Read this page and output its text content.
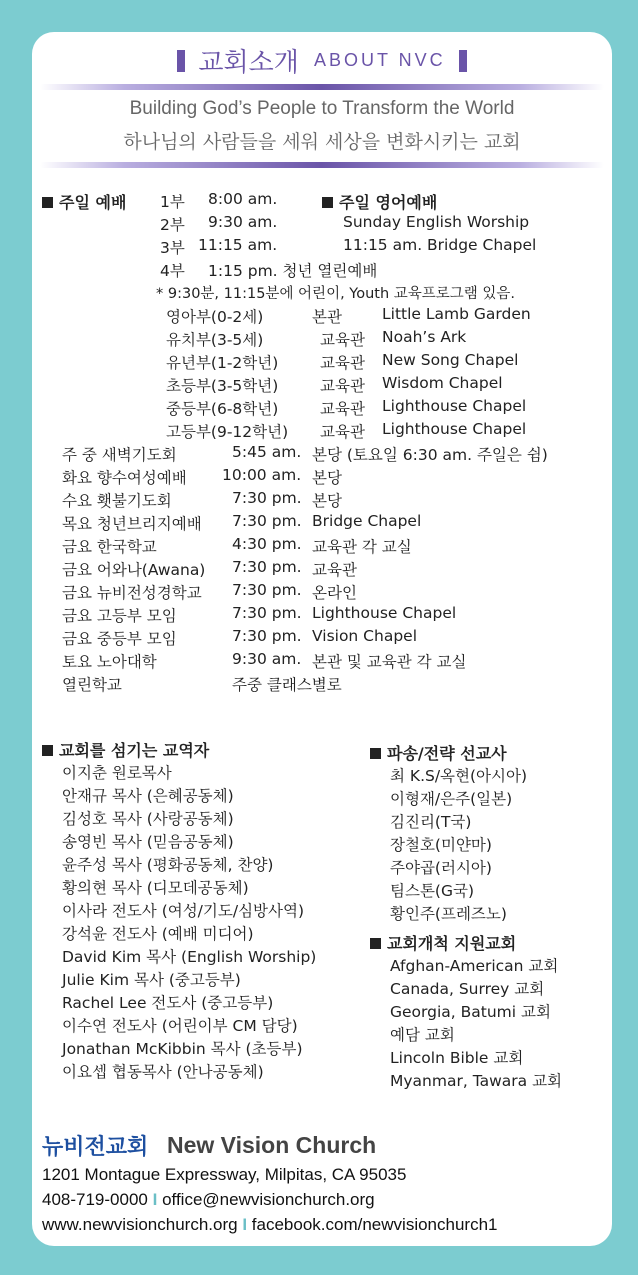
교회소개 ABOUT NVC
Building God’s People to Transform the World
하나님의 사람들을 세워 세상을 변화시키는 교회
주일 예배 1부 8:00 am.
2부 9:30 am.
3부 11:15 am.
4부 1:15 pm. 청년 열린예배
주일 영어예배
Sunday English Worship
11:15 am. Bridge Chapel
* 9:30분, 11:15분에 어린이, Youth 교육프로그램 있음.
영아부(0-2세)	본관	Little Lamb Garden
유치부(3-5세)	교육관 Noah’s Ark
유년부(1-2학년)	교육관 New Song Chapel
초등부(3-5학년)	교육관 Wisdom Chapel
중등부(6-8학년)	교육관 Lighthouse Chapel
고등부(9-12학년) 교육관 Lighthouse Chapel
주 중 새벽기도회	5:45 am. 본당 (토요일 6:30 am. 주일은 쉼)
화요 향수여성예배 10:00 am. 본당
수요 횃불기도회	7:30 pm. 본당
목요 청년브리지예배 7:30 pm. Bridge Chapel
금요 한국학교	4:30 pm. 교육관 각 교실
금요 어와나(Awana) 7:30 pm. 교육관
금요 뉴비전성경학교 7:30 pm. 온라인
금요 고등부 모임	7:30 pm. Lighthouse Chapel
금요 중등부 모임	7:30 pm. Vision Chapel
토요 노아대학	9:30 am. 본관 및 교육관 각 교실
열린학교	주중 클래스별로
교회를 섬기는 교역자
이지춘 원로목사
안재규 목사 (은혜공동체)
김성호 목사 (사랑공동체)
송영빈 목사 (믿음공동체)
윤주성 목사 (평화공동체, 찬양)
황의현 목사 (디모데공동체)
이사라 전도사 (여성/기도/심방사역)
강석윤 전도사 (예배 미디어)
David Kim 목사 (English Worship)
Julie Kim 목사 (중고등부)
Rachel Lee 전도사 (중고등부)
이수연 전도사 (어린이부 CM 담당)
Jonathan McKibbin 목사 (초등부)
이요셉 협동목사 (안나공동체)
파송/전략 선교사
최 K.S/옥현(아시아)
이형재/은주(일본)
김진리(T국)
장철호(미얀마)
주야곱(러시아)
팀스톤(G국)
황인주(프레즈노)
교회개척 지원교회
Afghan-American 교회
Canada, Surrey 교회
Georgia, Batumi 교회
예담 교회
Lincoln Bible 교회
Myanmar, Tawara 교회
뉴비전교회 New Vision Church
1201 Montague Expressway, Milpitas, CA 95035
408-719-0000 I office@newvisionchurch.org
www.newvisionchurch.org I facebook.com/newvisionchurch1
